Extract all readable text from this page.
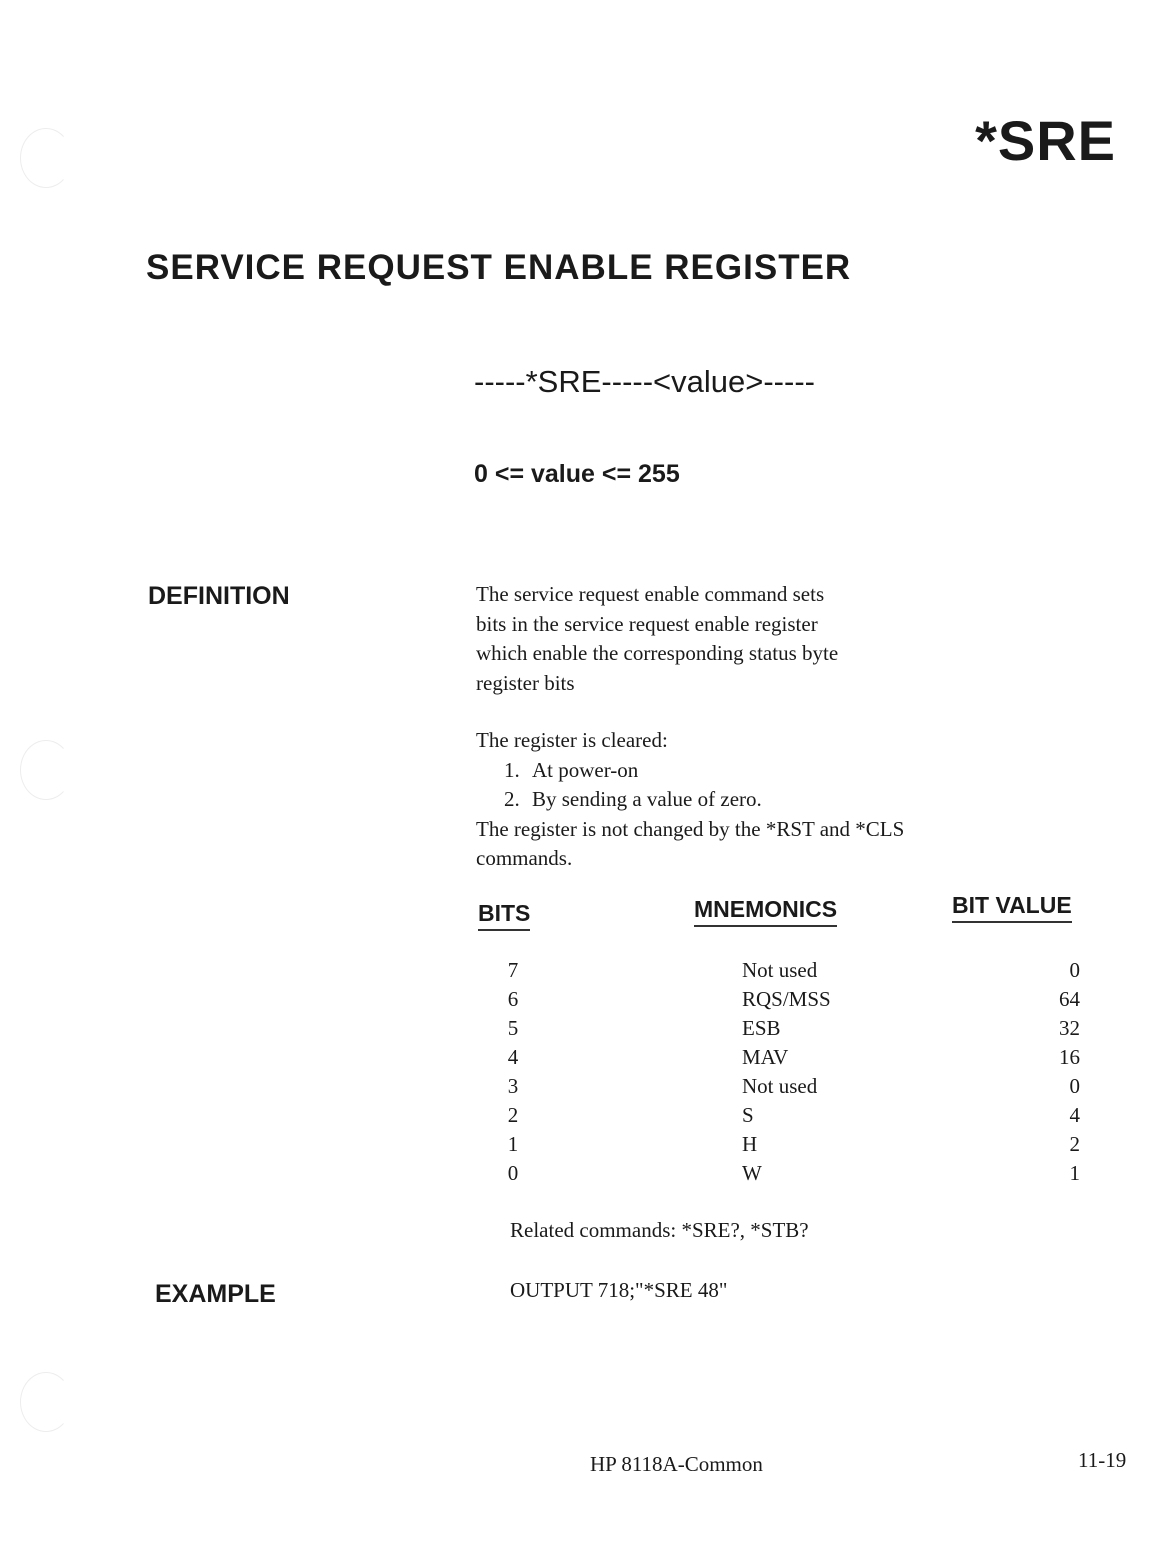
*SRE
SERVICE REQUEST ENABLE REGISTER
-----*SRE-----<value>-----
0 <= value <= 255
DEFINITION	The service request enable command sets
bits in the service request enable register
which enable the corresponding status byte
register bits
The register is cleared:
1. At power-on
2. By sending a value of zero.
The register is not changed by the *RST and *CLS
commands.
BITS	MNEMONICS	BIT VALUE
7	Not used	0
6	RQS/MSS	64
5	ESB	32
4	MAV	16
3	Not used	0
2	S	4
1	H	2
0	W	1
Related commands: *SRE?, *STB?
EXAMPLE	OUTPUT 718;"*SRE 48"
HP 8118A-Common	11-19
